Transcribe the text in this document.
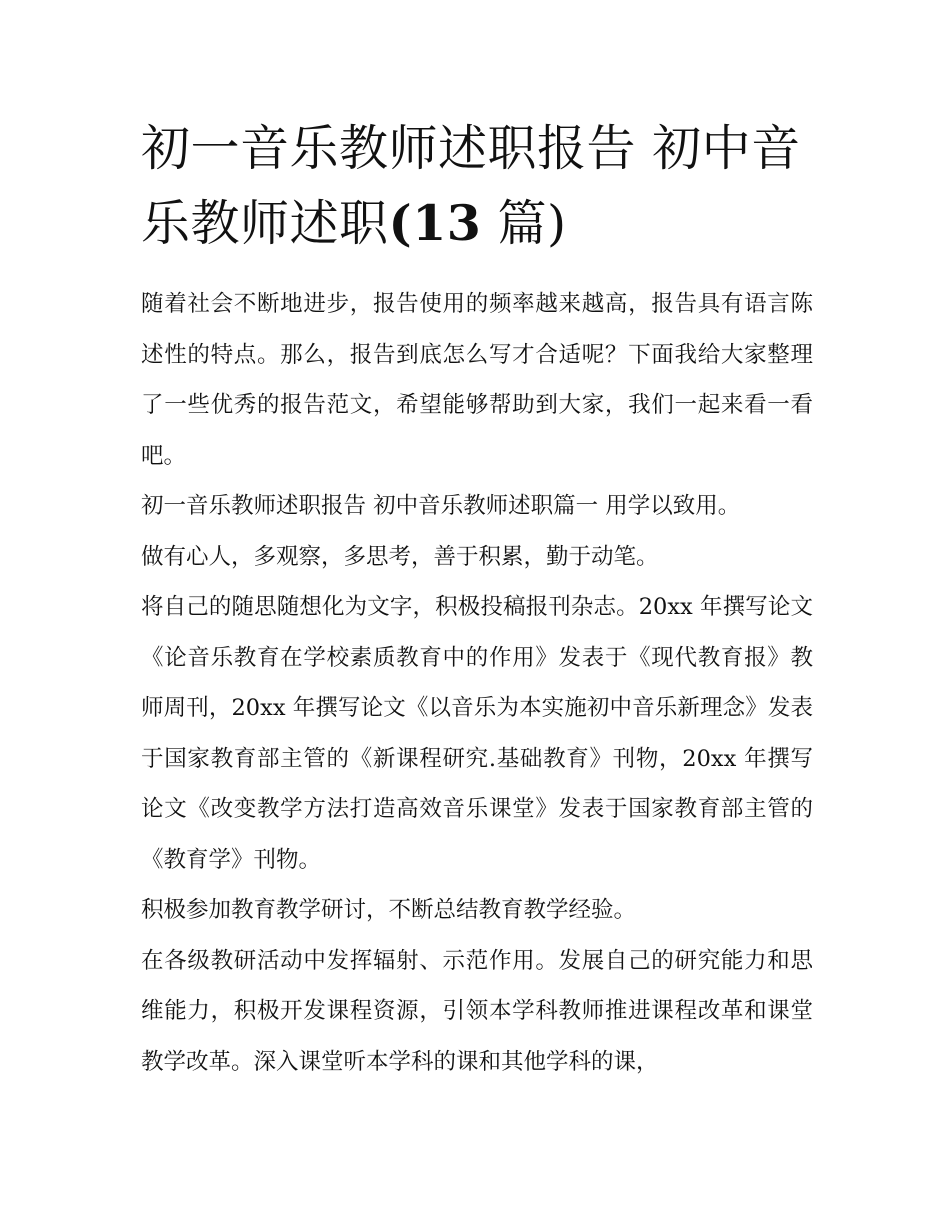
初一音乐教师述职报告 初中音
乐教师述职(13 篇)

随着社会不断地进步，报告使用的频率越来越高，报告具有语言陈述性的特点。那么，报告到底怎么写才合适呢？下面我给大家整理了一些优秀的报告范文，希望能够帮助到大家，我们一起来看一看吧。

初一音乐教师述职报告 初中音乐教师述职篇一 用学以致用。

做有心人，多观察，多思考，善于积累，勤于动笔。

将自己的随思随想化为文字，积极投稿报刊杂志。20xx 年撰写论文《论音乐教育在学校素质教育中的作用》发表于《现代教育报》教师周刊，20xx 年撰写论文《以音乐为本实施初中音乐新理念》发表于国家教育部主管的《新课程研究.基础教育》刊物，20xx 年撰写论文《改变教学方法打造高效音乐课堂》发表于国家教育部主管的《教育学》刊物。

积极参加教育教学研讨，不断总结教育教学经验。

在各级教研活动中发挥辐射、示范作用。发展自己的研究能力和思维能力，积极开发课程资源，引领本学科教师推进课程改革和课堂教学改革。深入课堂听本学科的课和其他学科的课，
